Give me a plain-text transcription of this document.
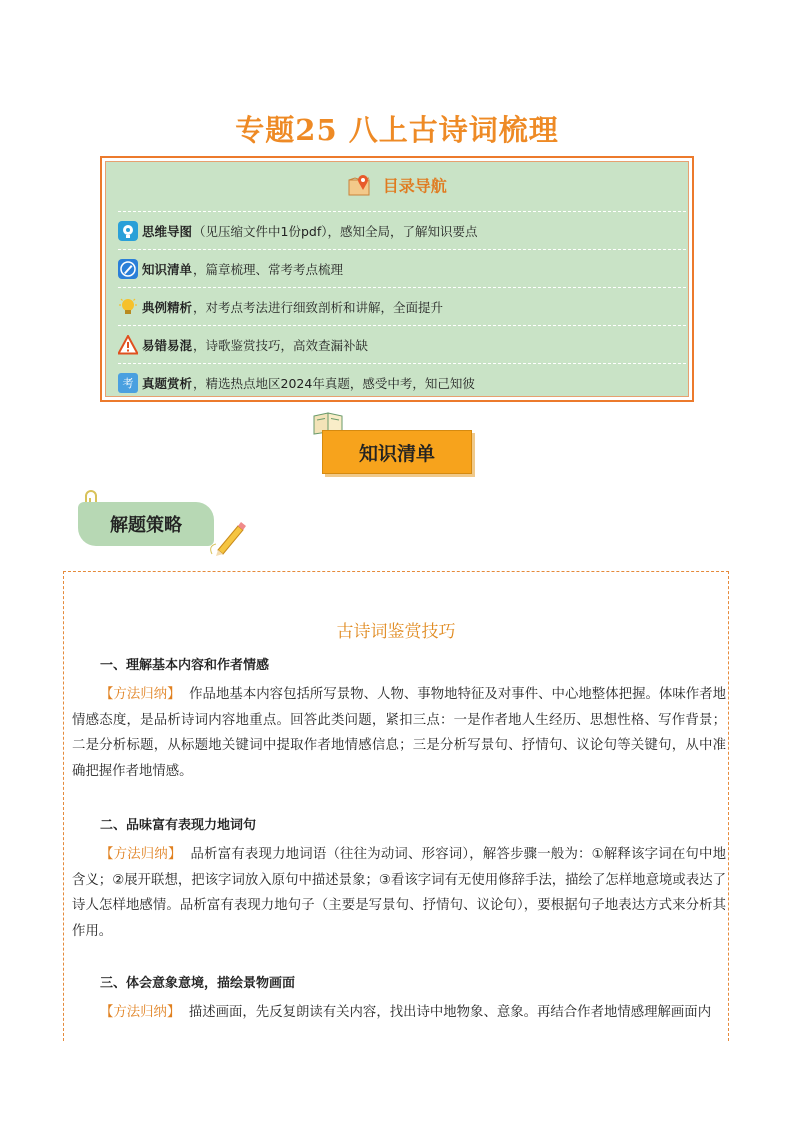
专题25 八上古诗词梳理
目录导航
思维导图 （见压缩文件中1份pdf），感知全局，了解知识要点
知识清单 ，篇章梳理、常考考点梳理
典例精析 ，对考点考法进行细致剖析和讲解，全面提升
易错易混 ，诗歌鉴赏技巧，高效查漏补缺
考 真题赏析 ，精选热点地区2024年真题，感受中考，知己知彼
知识清单
解题策略
古诗词鉴赏技巧
一、理解基本内容和作者情感
【方法归纳】 作品地基本内容包括所写景物、人物、事物地特征及对事件、中心地整体把握。体味作者地情感态度，是品析诗词内容地重点。回答此类问题，紧扣三点：一是作者地人生经历、思想性格、写作背景；二是分析标题，从标题地关键词中提取作者地情感信息；三是分析写景句、抒情句、议论句等关键句，从中准确把握作者地情感。
二、品味富有表现力地词句
【方法归纳】 品析富有表现力地词语（往往为动词、形容词），解答步骤一般为：①解释该字词在句中地含义；②展开联想，把该字词放入原句中描述景象；③看该字词有无使用修辞手法，描绘了怎样地意境或表达了诗人怎样地感情。品析富有表现力地句子（主要是写景句、抒情句、议论句），要根据句子地表达方式来分析其作用。
三、体会意象意境，描绘景物画面
【方法归纳】 描述画面，先反复朗读有关内容，找出诗中地物象、意象。再结合作者地情感理解画面内
